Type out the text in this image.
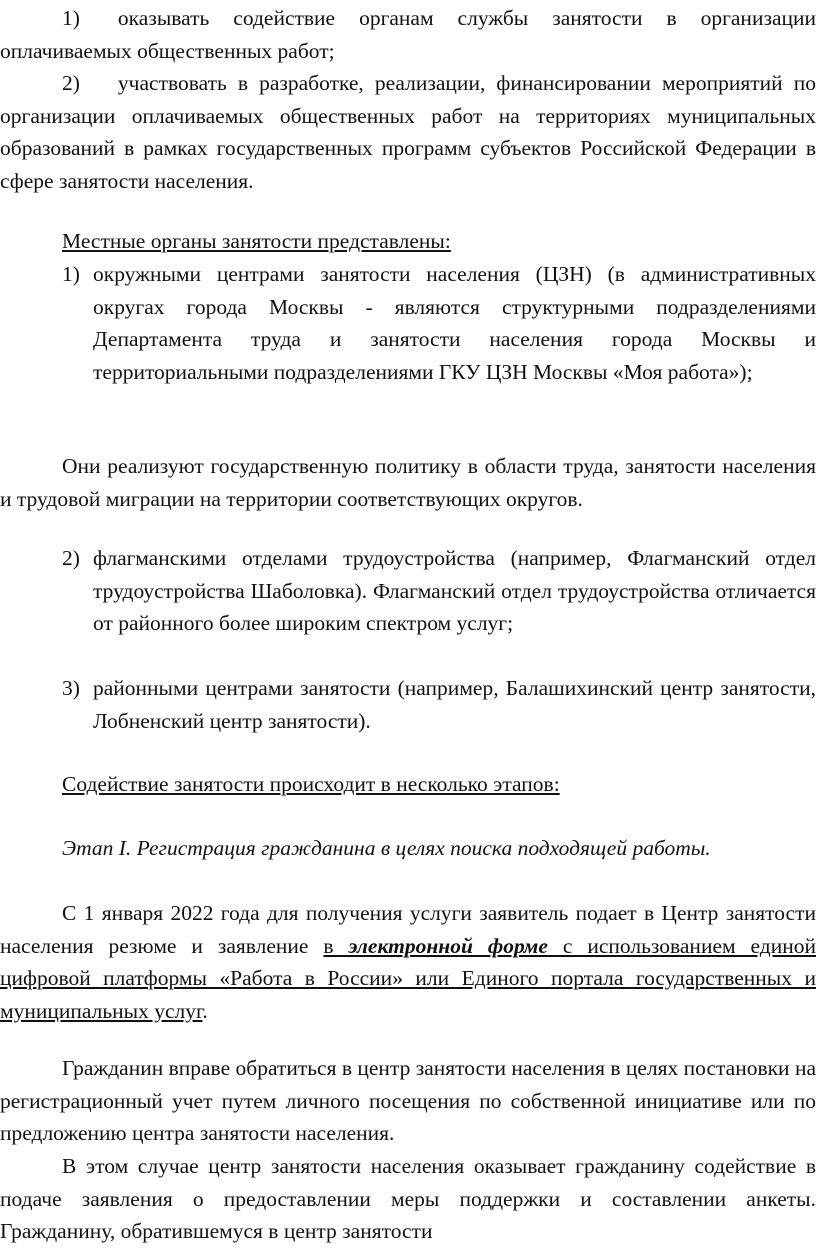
1) оказывать содействие органам службы занятости в организации оплачиваемых общественных работ;

2) участвовать в разработке, реализации, финансировании мероприятий по организации оплачиваемых общественных работ на территориях муниципальных образований в рамках государственных программ субъектов Российской Федерации в сфере занятости населения.

Местные органы занятости представлены:
1) окружными центрами занятости населения (ЦЗН) (в административных округах города Москвы - являются структурными подразделениями Департамента труда и занятости населения города Москвы и территориальными подразделениями ГКУ ЦЗН Москвы «Моя работа»);

Они реализуют государственную политику в области труда, занятости населения и трудовой миграции на территории соответствующих округов.

2) флагманскими отделами трудоустройства (например, Флагманский отдел трудоустройства Шаболовка). Флагманский отдел трудоустройства отличается от районного более широким спектром услуг;

3) районными центрами занятости (например, Балашихинский центр занятости, Лобненский центр занятости).

Содействие занятости происходит в несколько этапов:
Этап I. Регистрация гражданина в целях поиска подходящей работы.

С 1 января 2022 года для получения услуги заявитель подает в Центр занятости населения резюме и заявление в электронной форме с использованием единой цифровой платформы «Работа в России» или Единого портала государственных и муниципальных услуг.

Гражданин вправе обратиться в центр занятости населения в целях постановки на регистрационный учет путем личного посещения по собственной инициативе или по предложению центра занятости населения.

В этом случае центр занятости населения оказывает гражданину содействие в подаче заявления о предоставлении меры поддержки и составлении анкеты. Гражданину, обратившемуся в центр занятости
